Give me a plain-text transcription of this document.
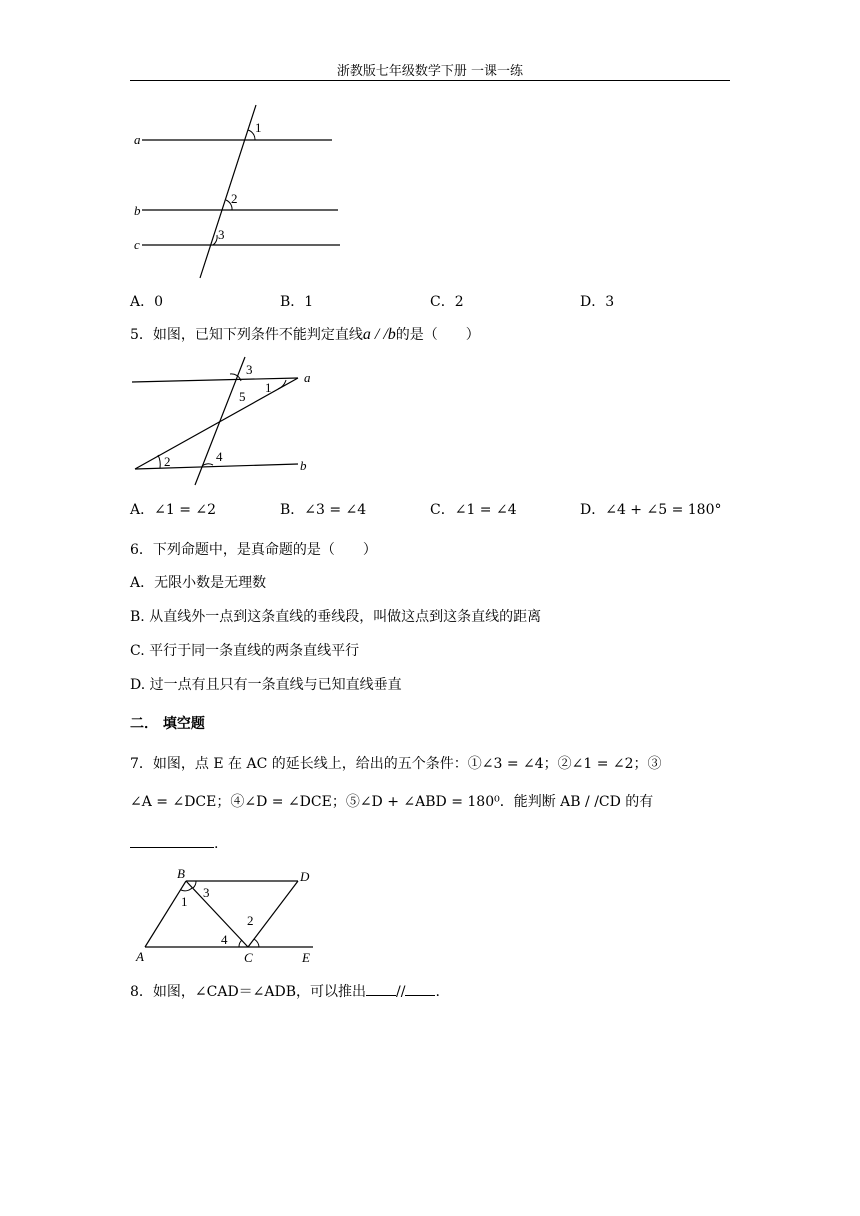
浙教版七年级数学下册 一课一练
a
b
c
1
2
3
A．0	B．1	C．2	D．3
5．如图，已知下列条件不能判定直线a / /b的是（　　）
a
b
1
2
3
4
5
A．∠1 = ∠2	B．∠3 = ∠4	C．∠1 = ∠4	D．∠4 + ∠5 = 180°
6．下列命题中，是真命题的是（　　）
A．无限小数是无理数
B. 从直线外一点到这条直线的垂线段，叫做这点到这条直线的距离
C. 平行于同一条直线的两条直线平行
D. 过一点有且只有一条直线与已知直线垂直
二． 填空题
7．如图，点 E 在 AC 的延长线上，给出的五个条件：①∠3 = ∠4；②∠1 = ∠2；③
∠A = ∠DCE；④∠D = ∠DCE；⑤∠D + ∠ABD = 180⁰．能判断 AB / /CD 的有
.
B	D
A	C	E
1
2
3
4
8．如图，∠CAD＝∠ADB，可以推出 // .
